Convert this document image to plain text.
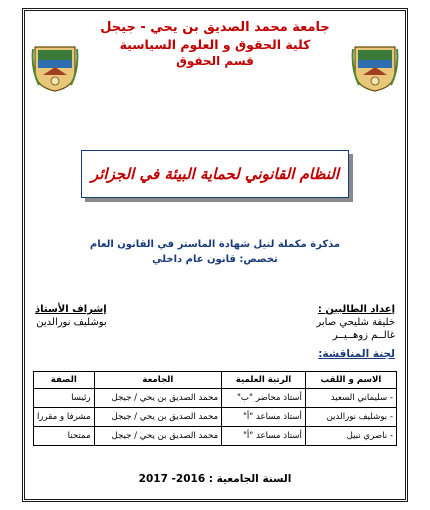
جامعة محمد الصديق بن يحي - جيجل
كلية الحقوق و العلوم السياسية
قسم الحقوق
النظام القانوني لحماية البيئة في الجزائر
مذكرة مكملة لنيل شهادة الماستر في القانون العام
تخصص: قانون عام داخلي
إعداد الطالبين :
خليفة شليحي صابر
غالــم زوهــيــر
إشراف الأستاذ
بوشليف نورالدين
لجنة المناقشة:
الاسم و اللقب	الرتبة العلمية	الجامعة	الصفة
- سليماني السعيد	أستاذ محاضر "ب"	محمد الصديق بن يحي / جيجل	رئيسا
- بوشليف نورالدين	أستاذ مساعد "أ"	محمد الصديق بن يحي / جيجل	مشرفا و مقررا
- ناصري نبيل	أستاذ مساعد "أ"	محمد الصديق بن يحي / جيجل	ممتحنا
السنة الجامعية : 2016- 2017
